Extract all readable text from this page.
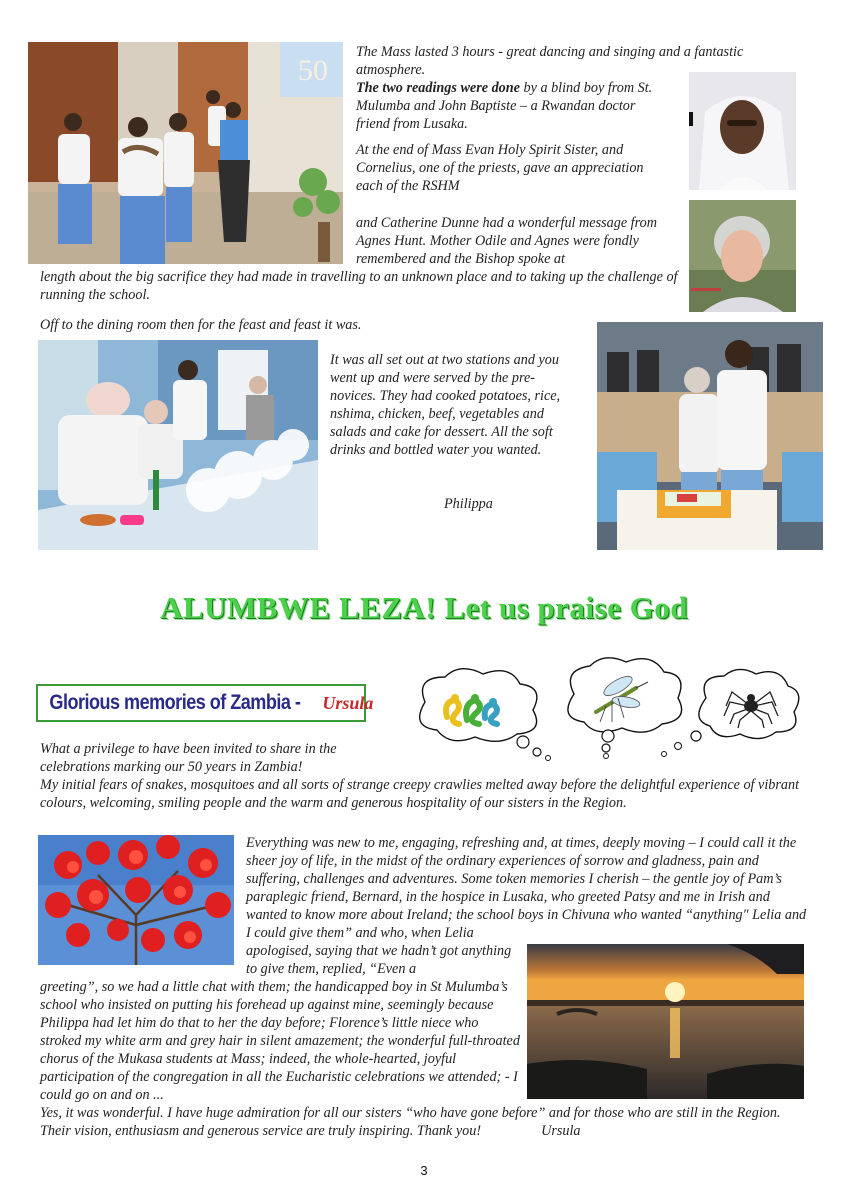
50
The Mass lasted 3 hours - great dancing and singing and a fantastic atmosphere.
The two readings were done by a blind boy from St. Mulumba and John Baptiste – a Rwandan doctor friend from Lusaka.
At the end of Mass Evan Holy Spirit Sister, and Cornelius, one of the priests, gave an appreciation each of the RSHM
and Catherine Dunne had a wonderful message from Agnes Hunt. Mother Odile and Agnes were fondly remembered and the Bishop spoke at
length about the big sacrifice they had made in travelling to an unknown place and to taking up the challenge of running the school.
Off to the dining room then for the feast and feast it was.
It was all set out at two stations and you went up and were served by the pre-novices. They had cooked potatoes, rice, nshima, chicken, beef, vegetables and salads and cake for dessert. All the soft drinks and bottled water you wanted.
Philippa
ALUMBWE LEZA! Let us praise God
Glorious memories of Zambia - Ursula
What a privilege to have been invited to share in the celebrations marking our 50 years in Zambia!
My initial fears of snakes, mosquitoes and all sorts of strange creepy crawlies melted away before the delightful experience of vibrant colours, welcoming, smiling people and the warm and generous hospitality of our sisters in the Region.
Everything was new to me, engaging, refreshing and, at times, deeply moving – I could call it the sheer joy of life, in the midst of the ordinary experiences of sorrow and gladness, pain and suffering, challenges and adventures. Some token memories I cherish – the gentle joy of Pam’s paraplegic friend, Bernard, in the hospice in Lusaka, who greeted Patsy and me in Irish and wanted to know more about Ireland; the school boys in Chivuna who wanted “anything" Lelia and I could give them” and who, when Lelia
apologised, saying that we hadn’t got anything to give them, replied, “Even a
greeting”, so we had a little chat with them; the handicapped boy in St Mulumba’s school who insisted on putting his forehead up against mine, seemingly because Philippa had let him do that to her the day before; Florence’s little niece who stroked my white arm and grey hair in silent amazement; the wonderful full-throated chorus of the Mukasa students at Mass; indeed, the whole-hearted, joyful participation of the congregation in all the Eucharistic celebrations we attended; - I could go on and on ...
Yes, it was wonderful. I have huge admiration for all our sisters “who have gone before” and for those who are still in the Region. Their vision, enthusiasm and generous service are truly inspiring. Thank you!	Ursula
3
